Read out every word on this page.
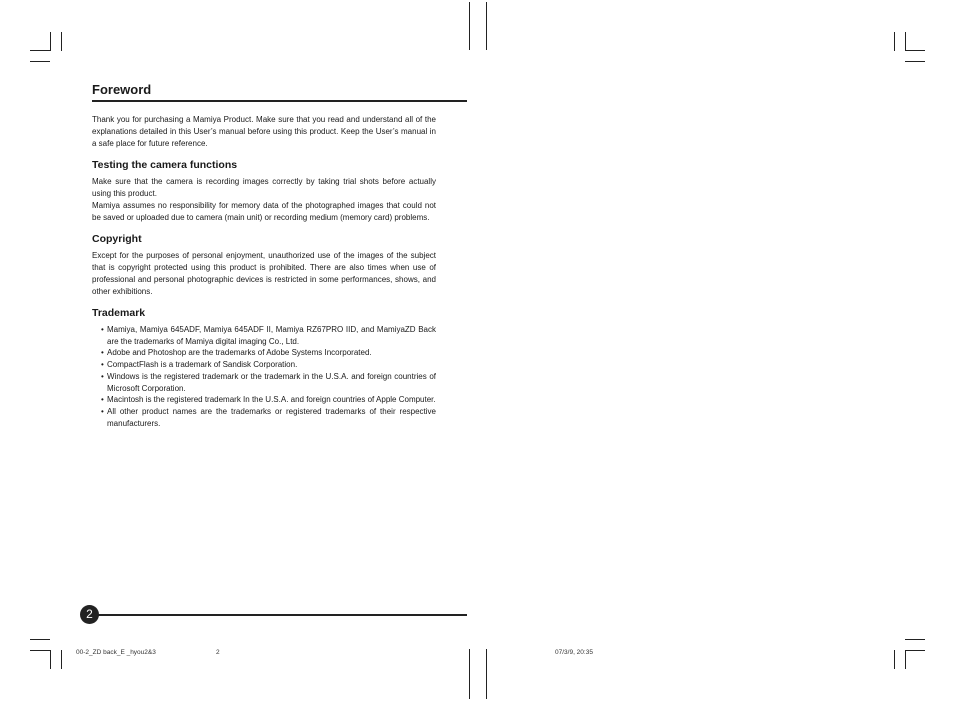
Foreword

Thank you for purchasing a Mamiya Product. Make sure that you read and understand all of the explanations detailed in this User’s manual before using this product. Keep the User’s manual in a safe place for future reference.

Testing the camera functions

Make sure that the camera is recording images correctly by taking trial shots before actually using this product.

Mamiya assumes no responsibility for memory data of the photographed images that could not be saved or uploaded due to camera (main unit) or recording medium (memory card) problems.

Copyright

Except for the purposes of personal enjoyment, unauthorized use of the images of the subject that is copyright protected using this product is prohibited. There are also times when use of professional and personal photographic devices is restricted in some performances, shows, and other exhibitions.

Trademark
• Mamiya, Mamiya 645ADF, Mamiya 645ADF II, Mamiya RZ67PRO IID, and MamiyaZD Back are the trademarks of Mamiya digital imaging Co., Ltd.
• Adobe and Photoshop are the trademarks of Adobe Systems Incorporated.
• CompactFlash is a trademark of Sandisk Corporation.
• Windows is the registered trademark or the trademark in the U.S.A. and foreign countries of Microsoft Corporation.
• Macintosh is the registered trademark In the U.S.A. and foreign countries of Apple Computer.
• All other product names are the trademarks or registered trademarks of their respective manufacturers.
2
00-2_ZD back_E _hyou2&3	2	07/3/9, 20:35
